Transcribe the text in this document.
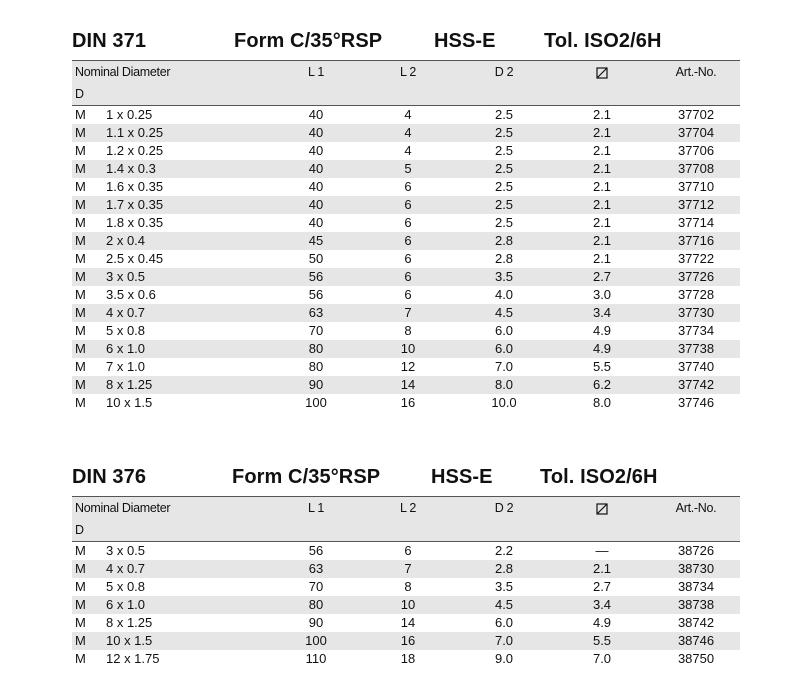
DIN 371	Form C/35°RSP	HSS-E Tol. ISO2/6H
Nominal Diameter			L 1	L 2	D 2		Art.-No.
D							
M	1 x 0.25		40	4	2.5	2.1	37702
M	1.1 x 0.25		40	4	2.5	2.1	37704
M	1.2 x 0.25		40	4	2.5	2.1	37706
M	1.4 x 0.3		40	5	2.5	2.1	37708
M	1.6 x 0.35		40	6	2.5	2.1	37710
M	1.7 x 0.35		40	6	2.5	2.1	37712
M	1.8 x 0.35		40	6	2.5	2.1	37714
M	2 x 0.4		45	6	2.8	2.1	37716
M	2.5 x 0.45		50	6	2.8	2.1	37722
M	3 x 0.5		56	6	3.5	2.7	37726
M	3.5 x 0.6		56	6	4.0	3.0	37728
M	4 x 0.7		63	7	4.5	3.4	37730
M	5 x 0.8		70	8	6.0	4.9	37734
M	6 x 1.0		80	10	6.0	4.9	37738
M	7 x 1.0		80	12	7.0	5.5	37740
M	8 x 1.25		90	14	8.0	6.2	37742
M	10 x 1.5		100	16	10.0	8.0	37746
DIN 376	Form C/35°RSP	HSS-E Tol. ISO2/6H
Nominal Diameter			L 1	L 2	D 2		Art.-No.
D							
M	3 x 0.5		56	6	2.2	—	38726
M	4 x 0.7		63	7	2.8	2.1	38730
M	5 x 0.8		70	8	3.5	2.7	38734
M	6 x 1.0		80	10	4.5	3.4	38738
M	8 x 1.25		90	14	6.0	4.9	38742
M	10 x 1.5		100	16	7.0	5.5	38746
M	12 x 1.75		110	18	9.0	7.0	38750
